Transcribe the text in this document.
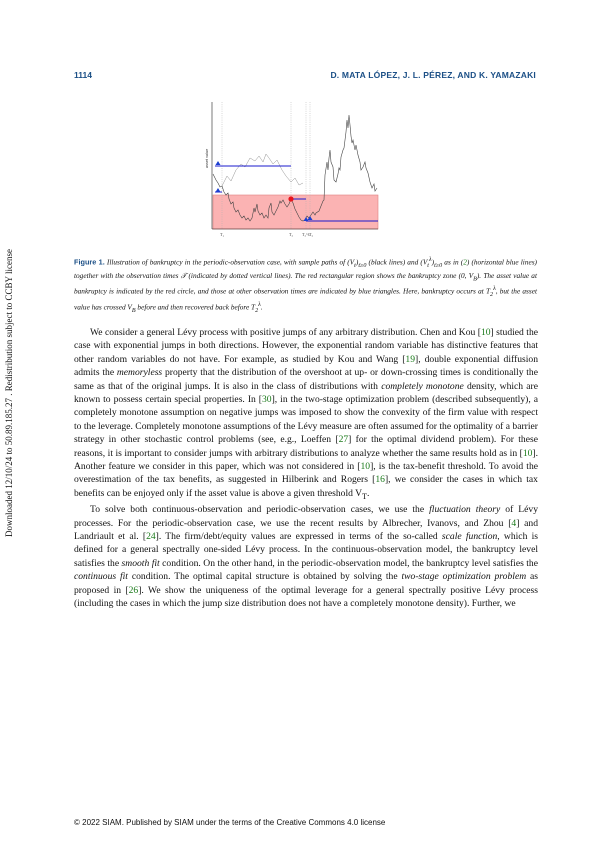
1114	D. MATA LÓPEZ, J. L. PÉREZ, AND K. YAMAZAKI
Downloaded 12/10/24 to 50.89.185.27 . Redistribution subject to CCBY license
asset value
T₁	T₂ T₂^λ T₃
Figure 1. Illustration of bankruptcy in the periodic-observation case, with sample paths of $(V_t)_{t\ge 0}$ (black lines) and $(V_t^\lambda)_{t\ge 0}$ as in (2) (horizontal blue lines) together with the observation times 𝒯 (indicated by dotted vertical lines). The red rectangular region shows the bankruptcy zone (0, $V_B$). The asset value at bankruptcy is indicated by the red circle, and those at other observation times are indicated by blue triangles. Here, bankruptcy occurs at $T_2^\lambda$, but the asset value has crossed $V_B$ before and then recovered back before $T_2^\lambda$.

We consider a general Lévy process with positive jumps of any arbitrary distribution. Chen and Kou [10] studied the case with exponential jumps in both directions. However, the exponential random variable has distinctive features that other random variables do not have. For example, as studied by Kou and Wang [19], double exponential diffusion admits the memoryless property that the distribution of the overshoot at up- or down-crossing times is conditionally the same as that of the original jumps. It is also in the class of distributions with completely monotone density, which are known to possess certain special properties. In [30], in the two-stage optimization problem (described subsequently), a completely monotone assumption on negative jumps was imposed to show the convexity of the firm value with respect to the leverage. Completely monotone assumptions of the Lévy measure are often assumed for the optimality of a barrier strategy in other stochastic control problems (see, e.g., Loeffen [27] for the optimal dividend problem). For these reasons, it is important to consider jumps with arbitrary distributions to analyze whether the same results hold as in [10]. Another feature we consider in this paper, which was not considered in [10], is the tax-benefit threshold. To avoid the overestimation of the tax benefits, as suggested in Hilberink and Rogers [16], we consider the cases in which tax benefits can be enjoyed only if the asset value is above a given threshold $V_T$.

To solve both continuous-observation and periodic-observation cases, we use the fluctuation theory of Lévy processes. For the periodic-observation case, we use the recent results by Albrecher, Ivanovs, and Zhou [4] and Landriault et al. [24]. The firm/debt/equity values are expressed in terms of the so-called scale function, which is defined for a general spectrally one-sided Lévy process. In the continuous-observation model, the bankruptcy level satisfies the smooth fit condition. On the other hand, in the periodic-observation model, the bankruptcy level satisfies the continuous fit condition. The optimal capital structure is obtained by solving the two-stage optimization problem as proposed in [26]. We show the uniqueness of the optimal leverage for a general spectrally positive Lévy process (including the cases in which the jump size distribution does not have a completely monotone density). Further, we

© 2022 SIAM. Published by SIAM under the terms of the Creative Commons 4.0 license
